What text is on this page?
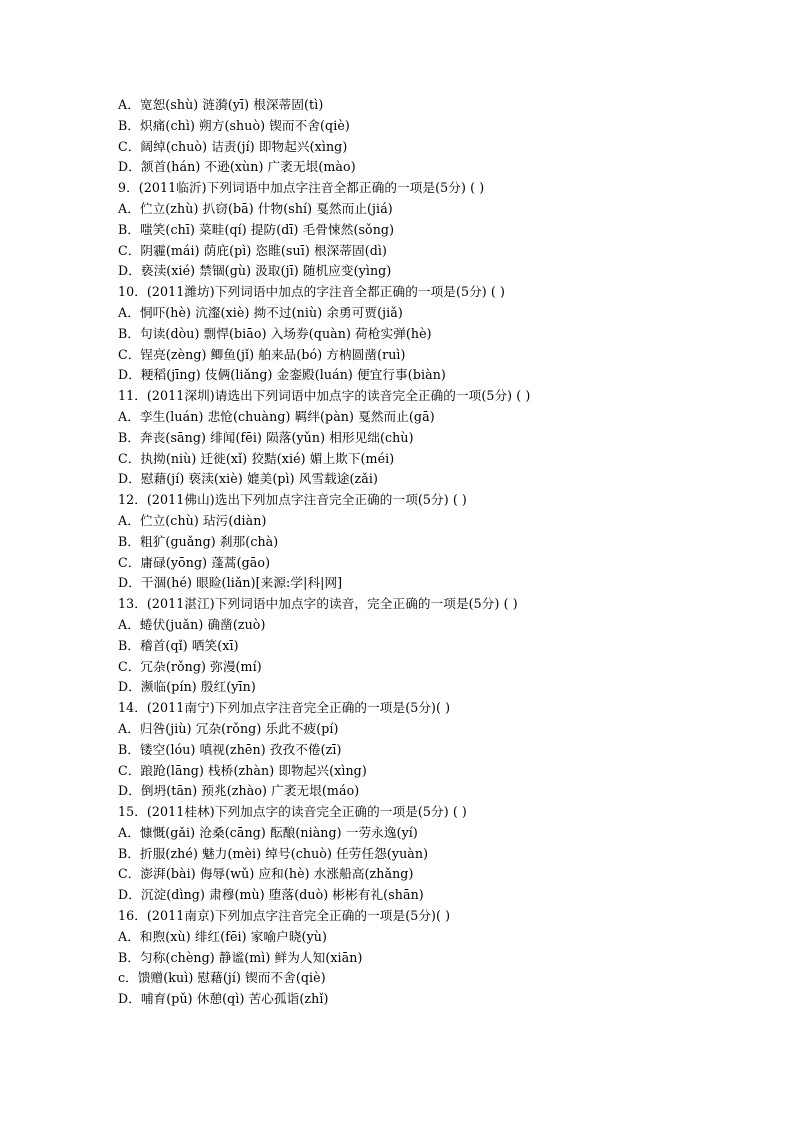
A．宽恕(shù) 涟漪(yī) 根深蒂固(tì)
B．炽痛(chì) 朔方(shuò) 锲而不舍(qiè)
C．阔绰(chuò) 诘责(jí) 即物起兴(xìng)
D．颔首(hán) 不逊(xùn) 广袤无垠(mào)
9．(2011临沂)下列词语中加点字注音全都正确的一项是(5分) ( )
A．伫立(zhù) 扒窃(bā) 什物(shí) 戛然而止(jiá)
B．嗤笑(chī) 菜畦(qí) 提防(dī) 毛骨悚然(sǒng)
C．阴霾(mái) 荫庇(pì) 恣睢(suī) 根深蒂固(dì)
D．亵渎(xié) 禁锢(gù) 汲取(jī) 随机应变(yìng)
10．(2011潍坊)下列词语中加点的字注音全都正确的一项是(5分) ( )
A．恫吓(hè) 沆瀣(xiè) 拗不过(niù) 余勇可贾(jiǎ)
B．句读(dòu) 剽悍(biāo) 入场券(quàn) 荷枪实弹(hè)
C．锃亮(zèng) 鲫鱼(jǐ) 舶来品(bó) 方枘圆凿(ruì)
D．粳稻(jīng) 伎俩(liǎng) 金銮殿(luán) 便宜行事(biàn)
11．(2011深圳)请选出下列词语中加点字的读音完全正确的一项(5分) ( )
A．孪生(luán) 悲怆(chuàng) 羁绊(pàn) 戛然而止(gā)
B．奔丧(sāng) 绯闻(fēi) 陨落(yǔn) 相形见绌(chù)
C．执拗(niù) 迁徙(xǐ) 狡黠(xié) 媚上欺下(méi)
D．慰藉(jí) 亵渎(xiè) 媲美(pì) 风雪载途(zǎi)
12．(2011佛山)选出下列加点字注音完全正确的一项(5分) ( )
A．伫立(chù) 玷污(diàn)
B．粗犷(guǎng) 刹那(chà)
C．庸碌(yōng) 蓬蒿(gāo)
D．干涸(hé) 眼睑(liǎn)[来源:学|科|网]
13．(2011湛江)下列词语中加点字的读音，完全正确的一项是(5分) ( )
A．蜷伏(juǎn) 确凿(zuò)
B．稽首(qǐ) 哂笑(xī)
C．冗杂(rǒng) 弥漫(mí)
D．濒临(pín) 殷红(yīn)
14．(2011南宁)下列加点字注音完全正确的一项是(5分)( )
A．归咎(jiù) 冗杂(rǒng) 乐此不疲(pí)
B．镂空(lóu) 嗔视(zhēn) 孜孜不倦(zī)
C．踉跄(lāng) 栈桥(zhàn) 即物起兴(xìng)
D．倒坍(tān) 预兆(zhào) 广袤无垠(máo)
15．(2011桂林)下列加点字的读音完全正确的一项是(5分) ( )
A．慷慨(gǎi) 沧桑(cāng) 酝酿(niàng) 一劳永逸(yí)
B．折服(zhé) 魅力(mèi) 绰号(chuò) 任劳任怨(yuàn)
C．澎湃(bài) 侮辱(wǔ) 应和(hè) 水涨船高(zhǎng)
D．沉淀(dìng) 肃穆(mù) 堕落(duò) 彬彬有礼(shān)
16．(2011南京)下列加点字注音完全正确的一项是(5分)( )
A．和煦(xù) 绯红(fēi) 家喻户晓(yù)
B．匀称(chèng) 静谧(mì) 鲜为人知(xiān)
c．馈赠(kuì) 慰藉(jí) 锲而不舍(qiè)
D．哺育(pǔ) 休憩(qì) 苦心孤诣(zhǐ)
